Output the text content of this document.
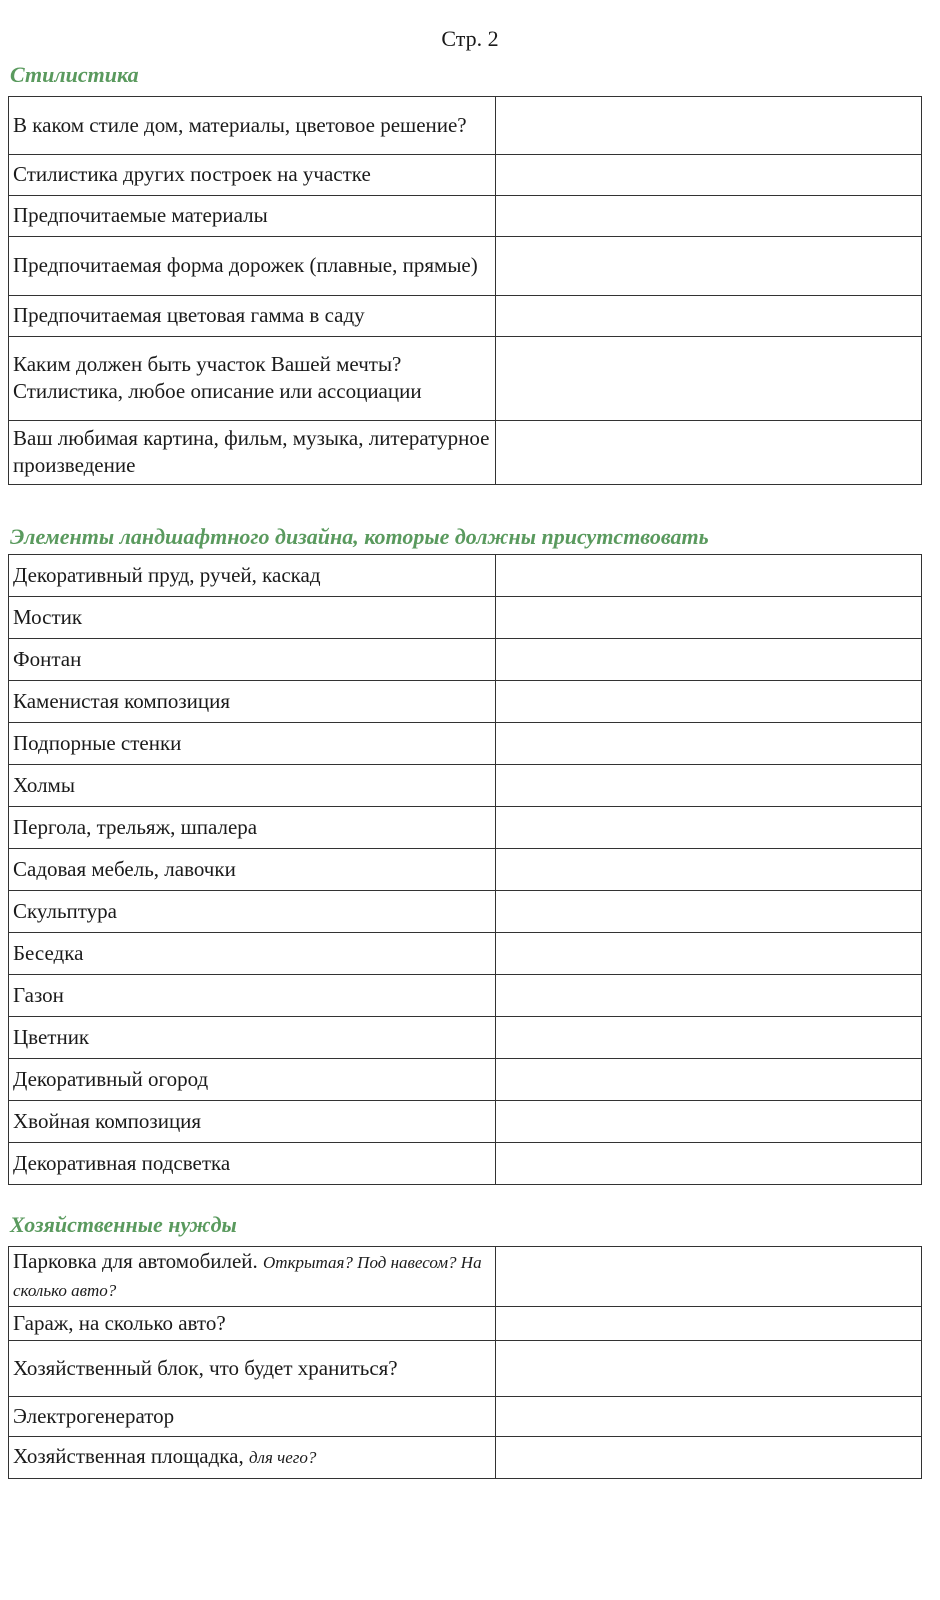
Стр. 2
Стилистика
В каком стиле дом, материалы, цветовое решение?	
Стилистика других построек на участке	
Предпочитаемые материалы	
Предпочитаемая форма дорожек (плавные, прямые)	
Предпочитаемая цветовая гамма в саду	
Каким должен быть участок Вашей мечты? Стилистика, любое описание или ассоциации	
Ваш любимая картина, фильм, музыка, литературное произведение	
Элементы ландшафтного дизайна, которые должны присутствовать
Декоративный пруд, ручей, каскад	
Мостик	
Фонтан	
Каменистая композиция	
Подпорные стенки	
Холмы	
Пергола, трельяж, шпалера	
Садовая мебель, лавочки	
Скульптура	
Беседка	
Газон	
Цветник	
Декоративный огород	
Хвойная композиция	
Декоративная подсветка	
Хозяйственные нужды
Парковка для автомобилей. Открытая? Под навесом? На сколько авто?	
Гараж, на сколько авто?	
Хозяйственный блок, что будет храниться?	
Электрогенератор	
Хозяйственная площадка, для чего?	
